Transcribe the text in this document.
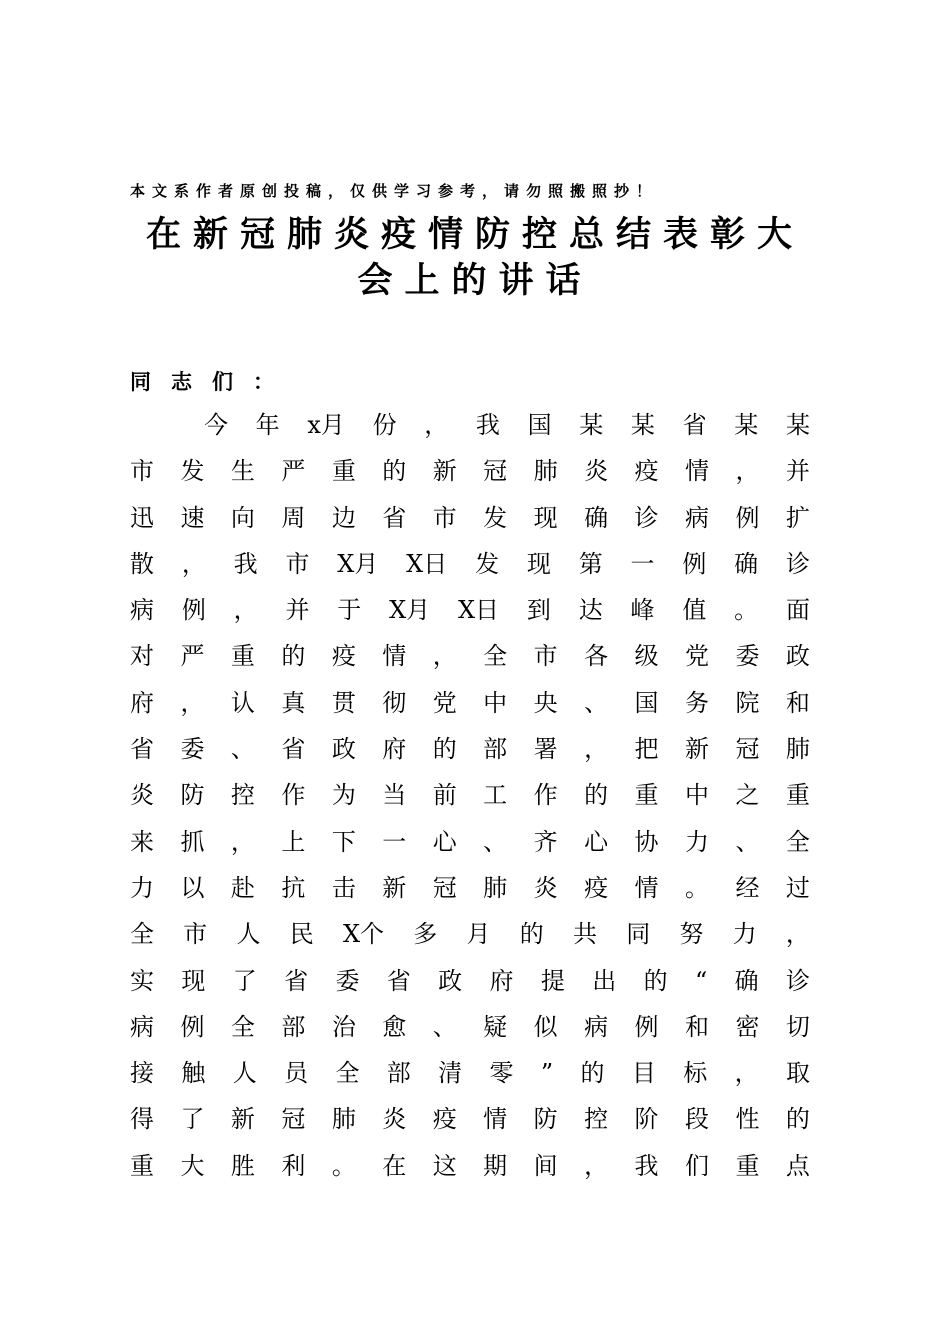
本文系作者原创投稿，仅供学习参考，请勿照搬照抄！
在新冠肺炎疫情防控总结表彰大会上的讲话
同志们：
今 年 x月 份 ， 我 国 某 某 省 某 某
市 发 生 严 重 的 新 冠 肺 炎 疫 情 ， 并
迅 速 向 周 边 省 市 发 现 确 诊 病 例 扩
散 ， 我 市 X月 X日 发 现 第 一 例 确 诊
病 例 ， 并 于 X月 X日 到 达 峰 值 。 面
对 严 重 的 疫 情 ， 全 市 各 级 党 委 政
府 ， 认 真 贯 彻 党 中 央 、 国 务 院 和
省 委 、 省 政 府 的 部 署 ， 把 新 冠 肺
炎 防 控 作 为 当 前 工 作 的 重 中 之 重
来 抓 ， 上 下 一 心 、 齐 心 协 力 、 全
力 以 赴 抗 击 新 冠 肺 炎 疫 情 。 经 过
全 市 人 民 X个 多 月 的 共 同 努 力 ，
实 现 了 省 委 省 政 府 提 出 的 “ 确 诊
病 例 全 部 治 愈 、 疑 似 病 例 和 密 切
接 触 人 员 全 部 清 零 ” 的 目 标 ， 取
得 了 新 冠 肺 炎 疫 情 防 控 阶 段 性 的
重 大 胜 利 。 在 这 期 间 ， 我 们 重 点
